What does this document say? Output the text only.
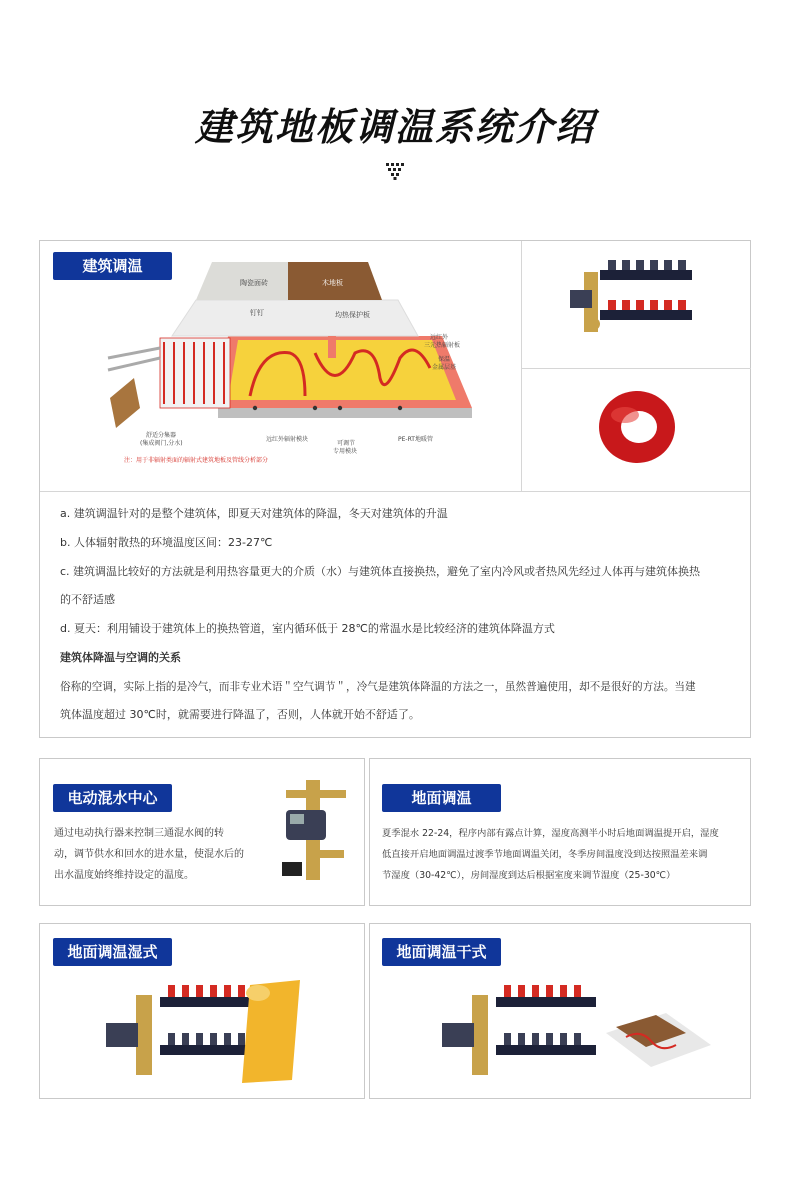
建筑地板调温系统介绍
建筑调温
陶瓷面砖	木地板
钉钉	均热保护板
远红外
三元热辐射板
保温
金属层基
舒适分集器
(集成阀门,分水)
远红外辐射模块
可调节
专用模块
PE-RT地暖管
注：用于非辐射类面的辐射式建筑地板及管线分析部分
a. 建筑调温针对的是整个建筑体，即夏天对建筑体的降温，冬天对建筑体的升温
b. 人体辐射散热的环境温度区间：23-27℃
c. 建筑调温比较好的方法就是利用热容量更大的介质（水）与建筑体直接换热，避免了室内冷风或者热风先经过人体再与建筑体换热
的不舒适感
d. 夏天：利用铺设于建筑体上的换热管道，室内循环低于 28℃的常温水是比较经济的建筑体降温方式
建筑体降温与空调的关系
俗称的空调，实际上指的是冷气，而非专业术语＂空气调节＂，冷气是建筑体降温的方法之一，虽然普遍使用，却不是很好的方法。当建
筑体温度超过 30℃时，就需要进行降温了，否则，人体就开始不舒适了。
电动混水中心
通过电动执行器来控制三通混水阀的转
动，调节供水和回水的进水量，使混水后的
出水温度始终维持设定的温度。
地面调温
夏季混水 22-24，程序内部有露点计算，湿度高测半小时后地面调温提开启，湿度
低直接开启地面调温过渡季节地面调温关闭，冬季房间温度没到达按照温差来调
节湿度（30-42℃），房间湿度到达后根据室度来调节湿度（25-30℃）
地面调温湿式	地面调温干式
